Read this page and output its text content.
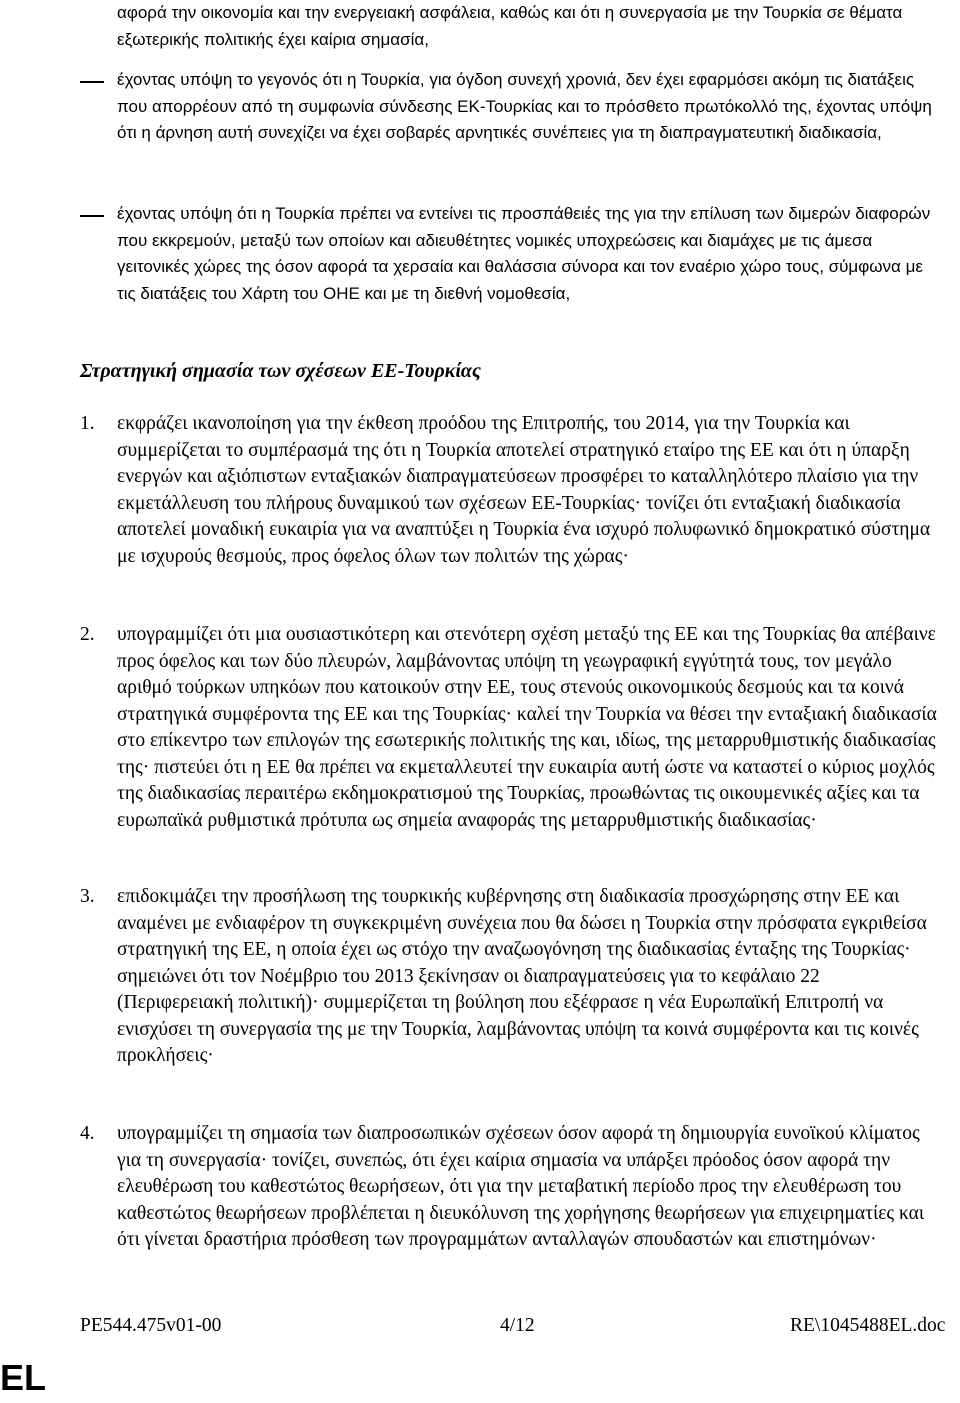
αφορά την οικονομία και την ενεργειακή ασφάλεια, καθώς και ότι η συνεργασία με την Τουρκία σε θέματα εξωτερικής πολιτικής έχει καίρια σημασία,

έχοντας υπόψη το γεγονός ότι η Τουρκία, για όγδοη συνεχή χρονιά, δεν έχει εφαρμόσει ακόμη τις διατάξεις που απορρέουν από τη συμφωνία σύνδεσης ΕΚ-Τουρκίας και το πρόσθετο πρωτόκολλό της, έχοντας υπόψη ότι η άρνηση αυτή συνεχίζει να έχει σοβαρές αρνητικές συνέπειες για τη διαπραγματευτική διαδικασία,

έχοντας υπόψη ότι η Τουρκία πρέπει να εντείνει τις προσπάθειές της για την επίλυση των διμερών διαφορών που εκκρεμούν, μεταξύ των οποίων και αδιευθέτητες νομικές υποχρεώσεις και διαμάχες με τις άμεσα γειτονικές χώρες της όσον αφορά τα χερσαία και θαλάσσια σύνορα και τον εναέριο χώρο τους, σύμφωνα με τις διατάξεις του Χάρτη του ΟΗΕ και με τη διεθνή νομοθεσία,

Στρατηγική σημασία των σχέσεων ΕΕ-Τουρκίας

1. εκφράζει ικανοποίηση για την έκθεση προόδου της Επιτροπής, του 2014, για την Τουρκία και συμμερίζεται το συμπέρασμά της ότι η Τουρκία αποτελεί στρατηγικό εταίρο της ΕΕ και ότι η ύπαρξη ενεργών και αξιόπιστων ενταξιακών διαπραγματεύσεων προσφέρει το καταλληλότερο πλαίσιο για την εκμετάλλευση του πλήρους δυναμικού των σχέσεων ΕΕ-Τουρκίας· τονίζει ότι ενταξιακή διαδικασία αποτελεί μοναδική ευκαιρία για να αναπτύξει η Τουρκία ένα ισχυρό πολυφωνικό δημοκρατικό σύστημα με ισχυρούς θεσμούς, προς όφελος όλων των πολιτών της χώρας·

2. υπογραμμίζει ότι μια ουσιαστικότερη και στενότερη σχέση μεταξύ της ΕΕ και της Τουρκίας θα απέβαινε προς όφελος και των δύο πλευρών, λαμβάνοντας υπόψη τη γεωγραφική εγγύτητά τους, τον μεγάλο αριθμό τούρκων υπηκόων που κατοικούν στην ΕΕ, τους στενούς οικονομικούς δεσμούς και τα κοινά στρατηγικά συμφέροντα της ΕΕ και της Τουρκίας· καλεί την Τουρκία να θέσει την ενταξιακή διαδικασία στο επίκεντρο των επιλογών της εσωτερικής πολιτικής της και, ιδίως, της μεταρρυθμιστικής διαδικασίας της· πιστεύει ότι η ΕΕ θα πρέπει να εκμεταλλευτεί την ευκαιρία αυτή ώστε να καταστεί ο κύριος μοχλός της διαδικασίας περαιτέρω εκδημοκρατισμού της Τουρκίας, προωθώντας τις οικουμενικές αξίες και τα ευρωπαϊκά ρυθμιστικά πρότυπα ως σημεία αναφοράς της μεταρρυθμιστικής διαδικασίας·

3. επιδοκιμάζει την προσήλωση της τουρκικής κυβέρνησης στη διαδικασία προσχώρησης στην ΕΕ και αναμένει με ενδιαφέρον τη συγκεκριμένη συνέχεια που θα δώσει η Τουρκία στην πρόσφατα εγκριθείσα στρατηγική της ΕΕ, η οποία έχει ως στόχο την αναζωογόνηση της διαδικασίας ένταξης της Τουρκίας· σημειώνει ότι τον Νοέμβριο του 2013 ξεκίνησαν οι διαπραγματεύσεις για το κεφάλαιο 22 (Περιφερειακή πολιτική)· συμμερίζεται τη βούληση που εξέφρασε η νέα Ευρωπαϊκή Επιτροπή να ενισχύσει τη συνεργασία της με την Τουρκία, λαμβάνοντας υπόψη τα κοινά συμφέροντα και τις κοινές προκλήσεις·

4. υπογραμμίζει τη σημασία των διαπροσωπικών σχέσεων όσον αφορά τη δημιουργία ευνοϊκού κλίματος για τη συνεργασία· τονίζει, συνεπώς, ότι έχει καίρια σημασία να υπάρξει πρόοδος όσον αφορά την ελευθέρωση του καθεστώτος θεωρήσεων, ότι για την μεταβατική περίοδο προς την ελευθέρωση του καθεστώτος θεωρήσεων προβλέπεται η διευκόλυνση της χορήγησης θεωρήσεων για επιχειρηματίες και ότι γίνεται δραστήρια πρόσθεση των προγραμμάτων ανταλλαγών σπουδαστών και επιστημόνων·

PE544.475v01-00	4/12	RE\1045488EL.doc

EL
